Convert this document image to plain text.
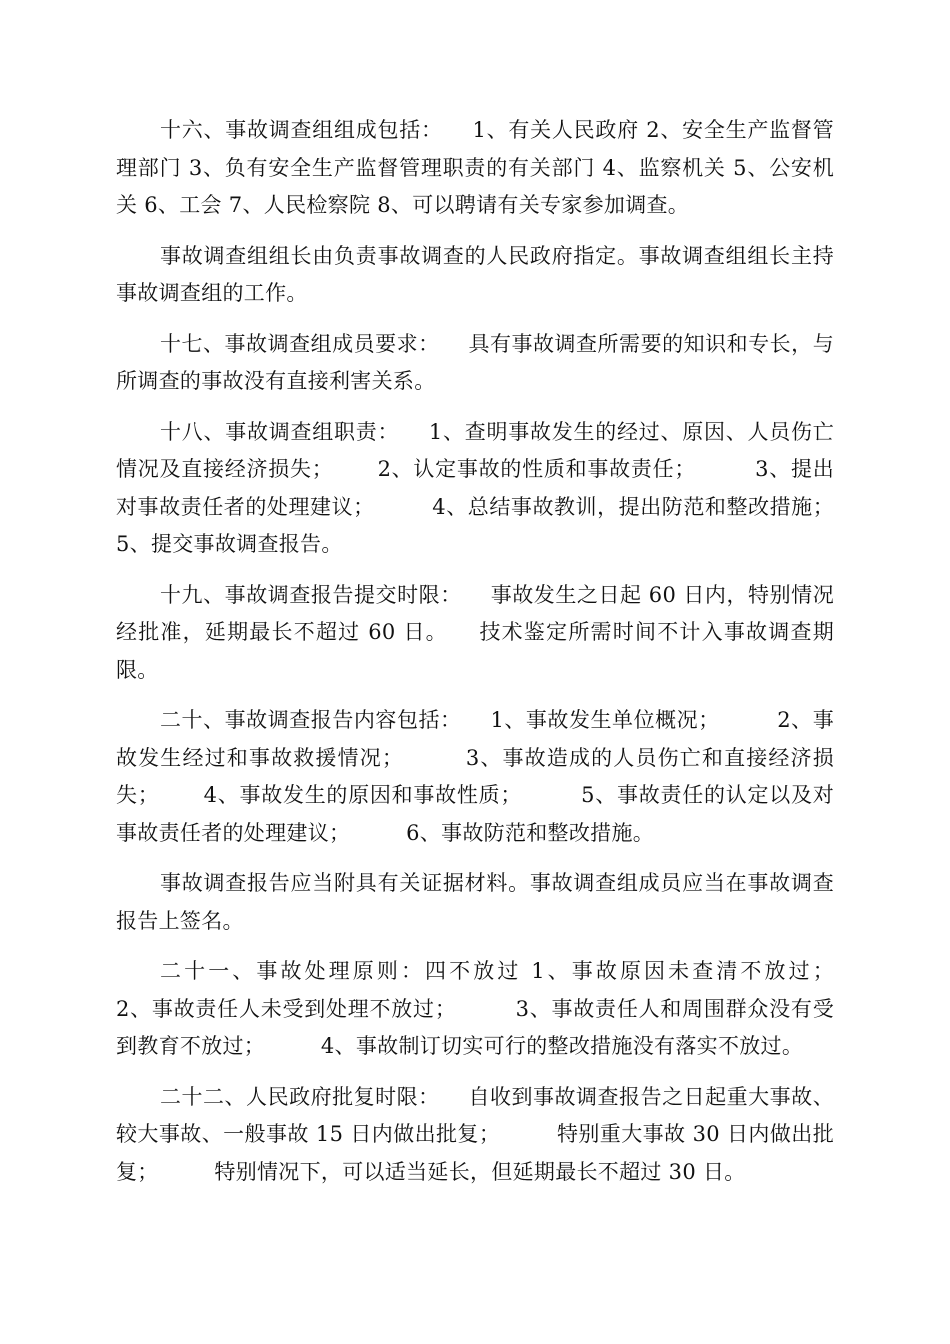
十六、事故调查组组成包括：    1、有关人民政府 2、安全生产监督管理部门 3、负有安全生产监督管理职责的有关部门 4、监察机关 5、公安机关 6、工会 7、人民检察院 8、可以聘请有关专家参加调查。

事故调查组组长由负责事故调查的人民政府指定。事故调查组组长主持事故调查组的工作。

十七、事故调查组成员要求：    具有事故调查所需要的知识和专长，与所调查的事故没有直接利害关系。

十八、事故调查组职责：    1、查明事故发生的经过、原因、人员伤亡情况及直接经济损失；      2、认定事故的性质和事故责任；        3、提出对事故责任者的处理建议；        4、总结事故教训，提出防范和整改措施；        5、提交事故调查报告。

十九、事故调查报告提交时限：    事故发生之日起 60 日内，特别情况经批准，延期最长不超过 60 日。    技术鉴定所需时间不计入事故调查期限。

二十、事故调查报告内容包括：    1、事故发生单位概况；        2、事故发生经过和事故救援情况；        3、事故造成的人员伤亡和直接经济损失；      4、事故发生的原因和事故性质；        5、事故责任的认定以及对事故责任者的处理建议；        6、事故防范和整改措施。

事故调查报告应当附具有关证据材料。事故调查组成员应当在事故调查报告上签名。

二十一、事故处理原则：四不放过 1、事故原因未查清不放过；        2、事故责任人未受到处理不放过；        3、事故责任人和周围群众没有受到教育不放过；        4、事故制订切实可行的整改措施没有落实不放过。

二十二、人民政府批复时限：    自收到事故调查报告之日起重大事故、较大事故、一般事故 15 日内做出批复；        特别重大事故 30 日内做出批复；        特别情况下，可以适当延长，但延期最长不超过 30 日。
